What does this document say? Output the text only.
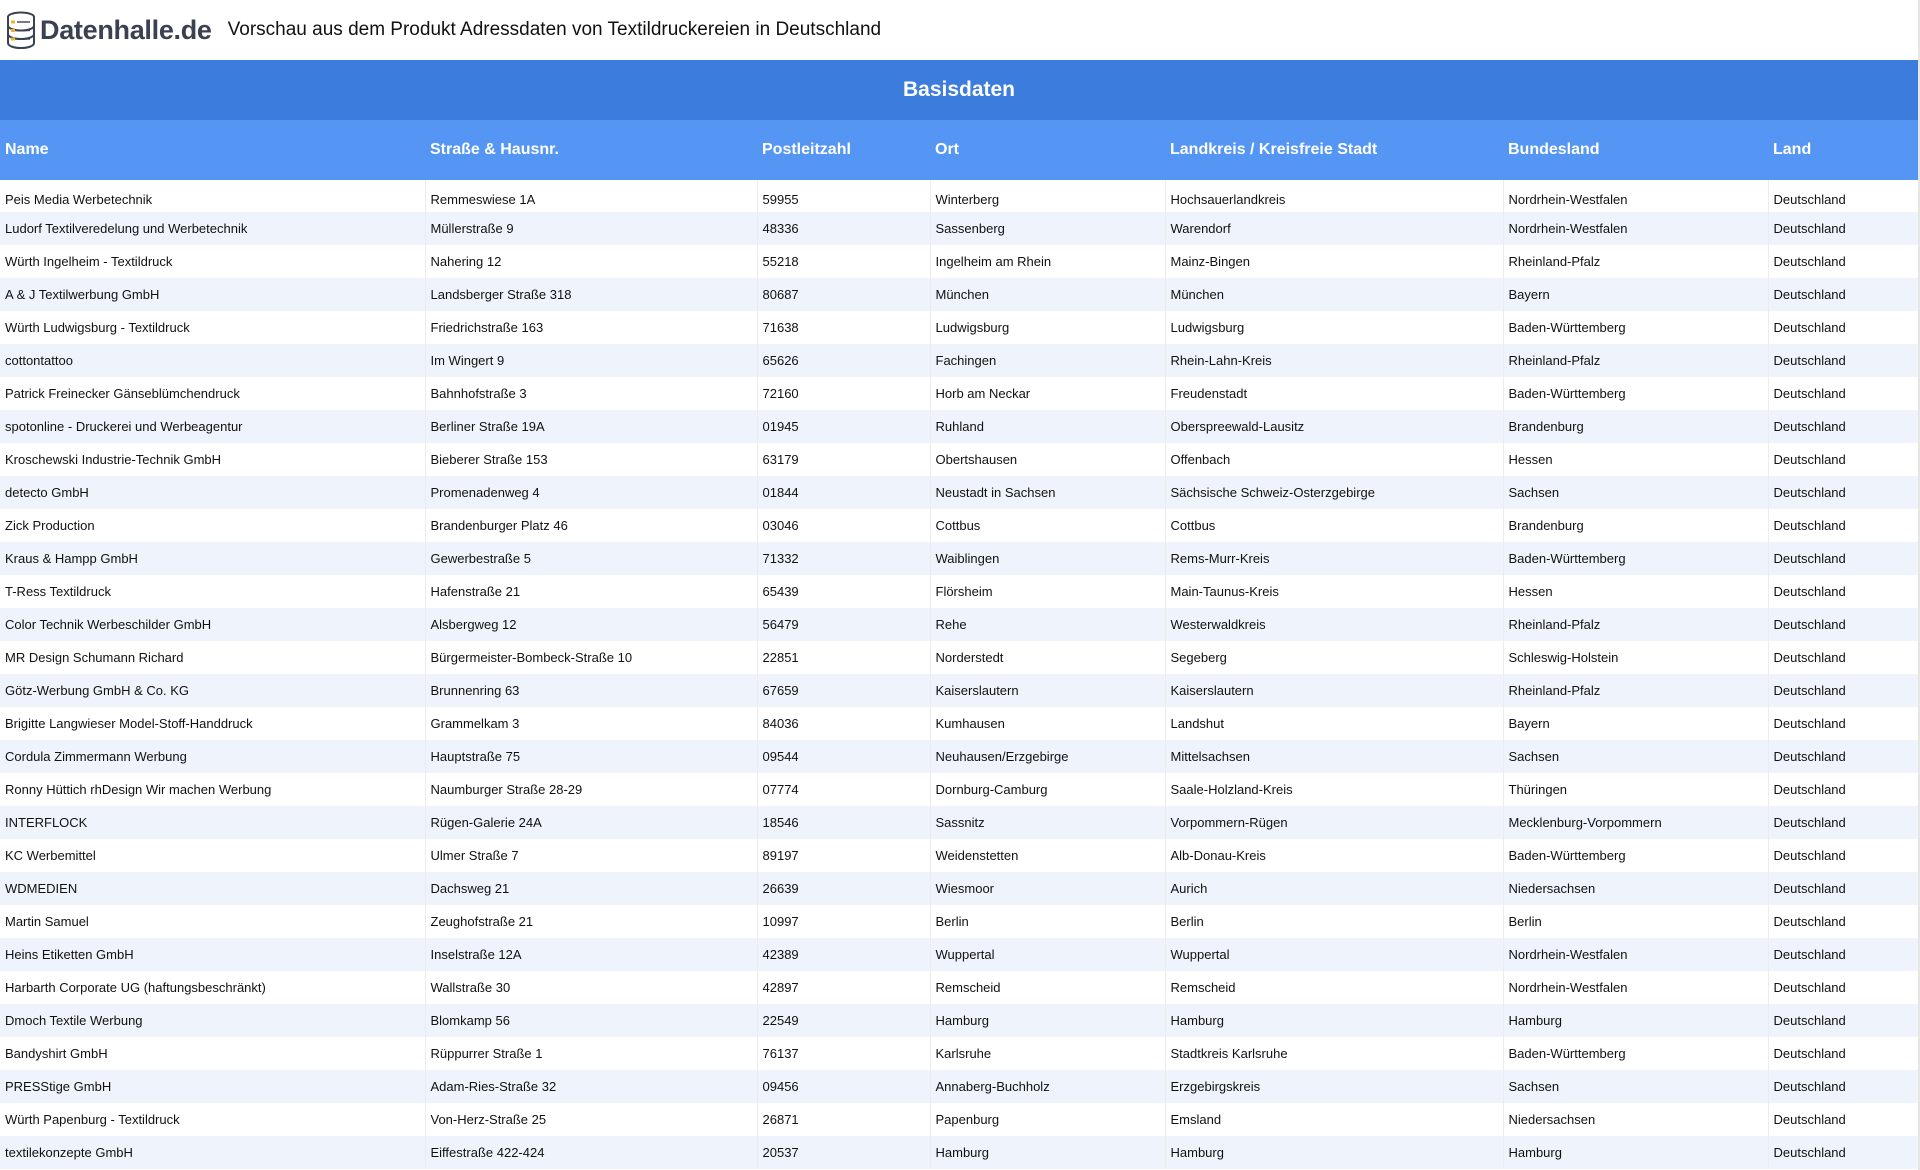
Datenhalle.de Vorschau aus dem Produkt Adressdaten von Textildruckereien in Deutschland
Basisdaten
Name	Straße & Hausnr.	Postleitzahl	Ort	Landkreis / Kreisfreie Stadt	Bundesland	Land
Peis Media Werbetechnik	Remmeswiese 1A	59955	Winterberg	Hochsauerlandkreis	Nordrhein-Westfalen	Deutschland
Ludorf Textilveredelung und Werbetechnik	Müllerstraße 9	48336	Sassenberg	Warendorf	Nordrhein-Westfalen	Deutschland
Würth Ingelheim - Textildruck	Nahering 12	55218	Ingelheim am Rhein	Mainz-Bingen	Rheinland-Pfalz	Deutschland
A & J Textilwerbung GmbH	Landsberger Straße 318	80687	München	München	Bayern	Deutschland
Würth Ludwigsburg - Textildruck	Friedrichstraße 163	71638	Ludwigsburg	Ludwigsburg	Baden-Württemberg	Deutschland
cottontattoo	Im Wingert 9	65626	Fachingen	Rhein-Lahn-Kreis	Rheinland-Pfalz	Deutschland
Patrick Freinecker Gänseblümchendruck	Bahnhofstraße 3	72160	Horb am Neckar	Freudenstadt	Baden-Württemberg	Deutschland
spotonline - Druckerei und Werbeagentur	Berliner Straße 19A	01945	Ruhland	Oberspreewald-Lausitz	Brandenburg	Deutschland
Kroschewski Industrie-Technik GmbH	Bieberer Straße 153	63179	Obertshausen	Offenbach	Hessen	Deutschland
detecto GmbH	Promenadenweg 4	01844	Neustadt in Sachsen	Sächsische Schweiz-Osterzgebirge	Sachsen	Deutschland
Zick Production	Brandenburger Platz 46	03046	Cottbus	Cottbus	Brandenburg	Deutschland
Kraus & Hampp GmbH	Gewerbestraße 5	71332	Waiblingen	Rems-Murr-Kreis	Baden-Württemberg	Deutschland
T-Ress Textildruck	Hafenstraße 21	65439	Flörsheim	Main-Taunus-Kreis	Hessen	Deutschland
Color Technik Werbeschilder GmbH	Alsbergweg 12	56479	Rehe	Westerwaldkreis	Rheinland-Pfalz	Deutschland
MR Design Schumann Richard	Bürgermeister-Bombeck-Straße 10	22851	Norderstedt	Segeberg	Schleswig-Holstein	Deutschland
Götz-Werbung GmbH & Co. KG	Brunnenring 63	67659	Kaiserslautern	Kaiserslautern	Rheinland-Pfalz	Deutschland
Brigitte Langwieser Model-Stoff-Handdruck	Grammelkam 3	84036	Kumhausen	Landshut	Bayern	Deutschland
Cordula Zimmermann Werbung	Hauptstraße 75	09544	Neuhausen/Erzgebirge	Mittelsachsen	Sachsen	Deutschland
Ronny Hüttich rhDesign Wir machen Werbung	Naumburger Straße 28-29	07774	Dornburg-Camburg	Saale-Holzland-Kreis	Thüringen	Deutschland
INTERFLOCK	Rügen-Galerie 24A	18546	Sassnitz	Vorpommern-Rügen	Mecklenburg-Vorpommern	Deutschland
KC Werbemittel	Ulmer Straße 7	89197	Weidenstetten	Alb-Donau-Kreis	Baden-Württemberg	Deutschland
WDMEDIEN	Dachsweg 21	26639	Wiesmoor	Aurich	Niedersachsen	Deutschland
Martin Samuel	Zeughofstraße 21	10997	Berlin	Berlin	Berlin	Deutschland
Heins Etiketten GmbH	Inselstraße 12A	42389	Wuppertal	Wuppertal	Nordrhein-Westfalen	Deutschland
Harbarth Corporate UG (haftungsbeschränkt)	Wallstraße 30	42897	Remscheid	Remscheid	Nordrhein-Westfalen	Deutschland
Dmoch Textile Werbung	Blomkamp 56	22549	Hamburg	Hamburg	Hamburg	Deutschland
Bandyshirt GmbH	Rüppurrer Straße 1	76137	Karlsruhe	Stadtkreis Karlsruhe	Baden-Württemberg	Deutschland
PRESStige GmbH	Adam-Ries-Straße 32	09456	Annaberg-Buchholz	Erzgebirgskreis	Sachsen	Deutschland
Würth Papenburg - Textildruck	Von-Herz-Straße 25	26871	Papenburg	Emsland	Niedersachsen	Deutschland
textilekonzepte GmbH	Eiffestraße 422-424	20537	Hamburg	Hamburg	Hamburg	Deutschland
